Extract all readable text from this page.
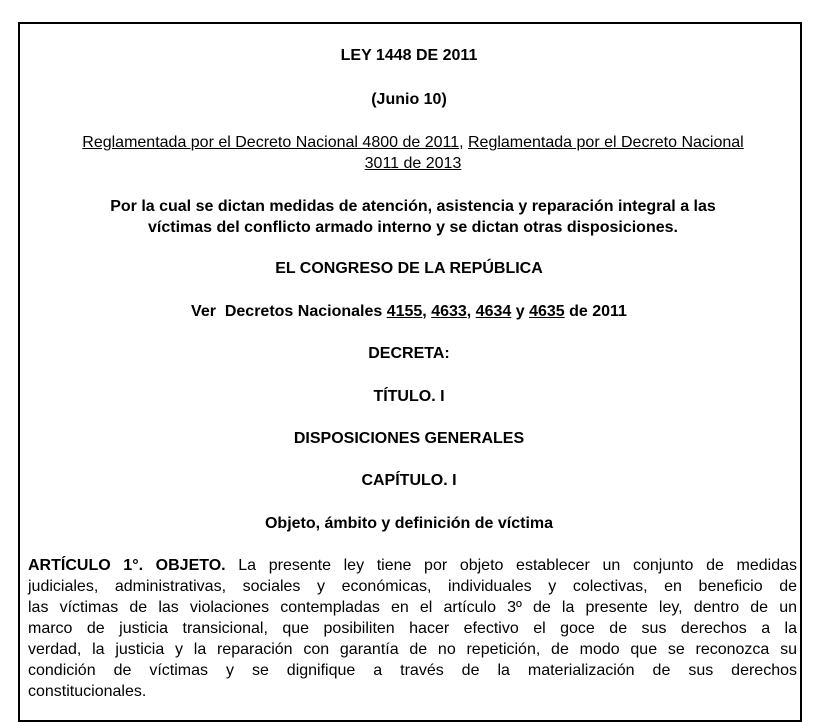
LEY 1448 DE 2011
(Junio 10)
Reglamentada por el Decreto Nacional 4800 de 2011, Reglamentada por el Decreto Nacional
3011 de 2013
Por la cual se dictan medidas de atención, asistencia y reparación integral a las
víctimas del conflicto armado interno y se dictan otras disposiciones.
EL CONGRESO DE LA REPÚBLICA
Ver  Decretos Nacionales 4155, 4633, 4634 y 4635 de 2011
DECRETA:
TÍTULO. I
DISPOSICIONES GENERALES
CAPÍTULO. I
Objeto, ámbito y definición de víctima
ARTÍCULO 1°. OBJETO. La presente ley tiene por objeto establecer un conjunto de medidas
judiciales, administrativas, sociales y económicas, individuales y colectivas, en beneficio de
las víctimas de las violaciones contempladas en el artículo 3º de la presente ley, dentro de un
marco de justicia transicional, que posibiliten hacer efectivo el goce de sus derechos a la
verdad, la justicia y la reparación con garantía de no repetición, de modo que se reconozca su
condición de víctimas y se dignifique a través de la materialización de sus derechos
constitucionales.
